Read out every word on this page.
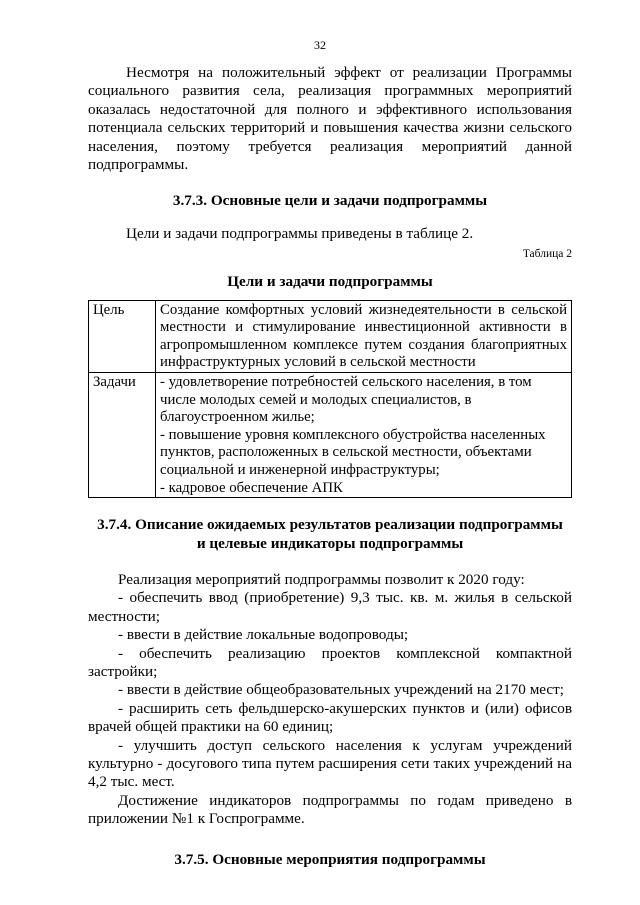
32

Несмотря на положительный эффект от реализации Программы социального развития села, реализация программных мероприятий оказалась недостаточной для полного и эффективного использования потенциала сельских территорий и повышения качества жизни сельского населения, поэтому требуется реализация мероприятий данной подпрограммы.

3.7.3. Основные цели и задачи подпрограммы

Цели и задачи подпрограммы приведены в таблице 2.

Таблица 2

Цели и задачи подпрограммы

Цель	Создание комфортных условий жизнедеятельности в сельской местности и стимулирование инвестиционной активности в агропромышленном комплексе путем создания благоприятных инфраструктурных условий в сельской местности
Задачи	- удовлетворение потребностей сельского населения, в том числе молодых семей и молодых специалистов, в благоустроенном жилье;
- повышение уровня комплексного обустройства населенных пунктов, расположенных в сельской местности, объектами социальной и инженерной инфраструктуры;
- кадровое обеспечение АПК
3.7.4. Описание ожидаемых результатов реализации подпрограммы
и целевые индикаторы подпрограммы

Реализация мероприятий подпрограммы позволит к 2020 году:

- обеспечить ввод (приобретение) 9,3 тыс. кв. м. жилья в сельской местности;

- ввести в действие локальные водопроводы;

- обеспечить реализацию проектов комплексной компактной застройки;

- ввести в действие общеобразовательных учреждений на 2170 мест;

- расширить сеть фельдшерско-акушерских пунктов и (или) офисов врачей общей практики на 60 единиц;

- улучшить доступ сельского населения к услугам учреждений культурно - досугового типа путем расширения сети таких учреждений на 4,2 тыс. мест.

Достижение индикаторов подпрограммы по годам приведено в приложении №1 к Госпрограмме.

3.7.5. Основные мероприятия подпрограммы
